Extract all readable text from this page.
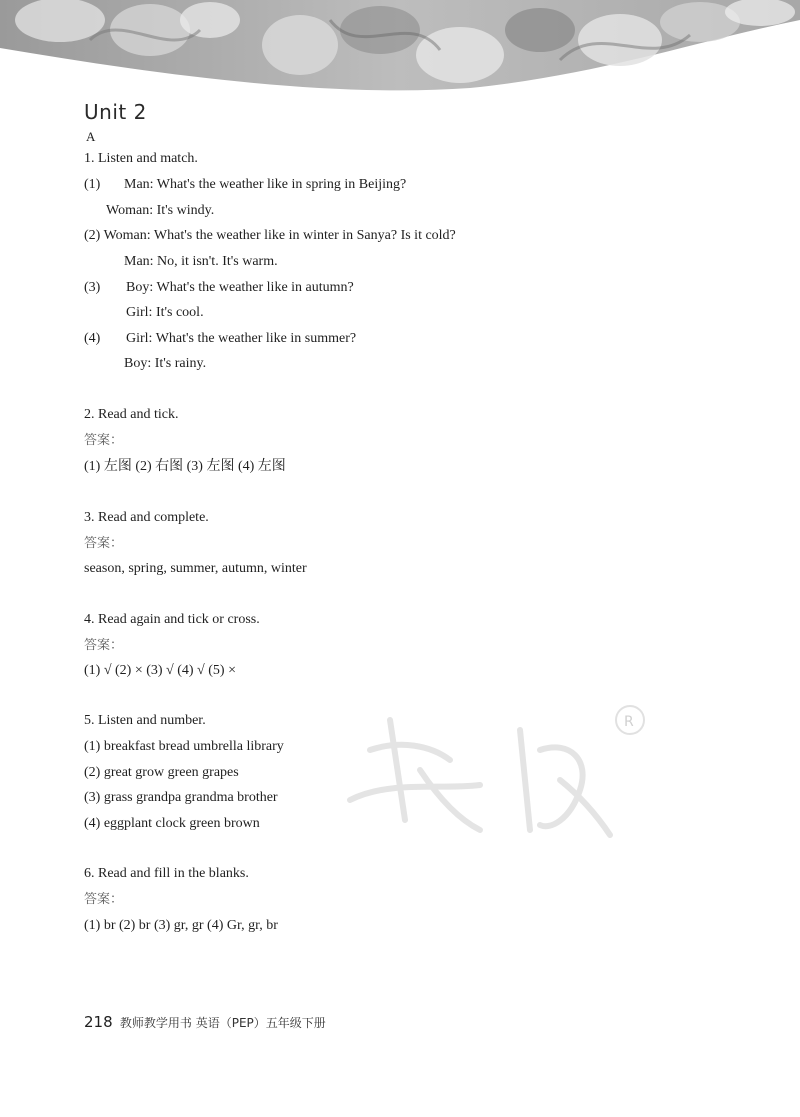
R
Unit 2
A
1. Listen and match.
(1) Man: What's the weather like in spring in Beijing?
Woman: It's windy.
(2) Woman: What's the weather like in winter in Sanya? Is it cold?
Man: No, it isn't. It's warm.
(3) Boy: What's the weather like in autumn?
Girl: It's cool.
(4) Girl: What's the weather like in summer?
Boy: It's rainy.
2. Read and tick.
答案：
(1) 左图 (2) 右图 (3) 左图 (4) 左图
3. Read and complete.
答案：
season, spring, summer, autumn, winter
4. Read again and tick or cross.
答案：
(1) √ (2) × (3) √ (4) √ (5) ×
5. Listen and number.
(1) breakfast bread umbrella library
(2) great grow green grapes
(3) grass grandpa grandma brother
(4) eggplant clock green brown
6. Read and fill in the blanks.
答案：
(1) br (2) br (3) gr, gr (4) Gr, gr, br
218 教师教学用书 英语（PEP）五年级下册
